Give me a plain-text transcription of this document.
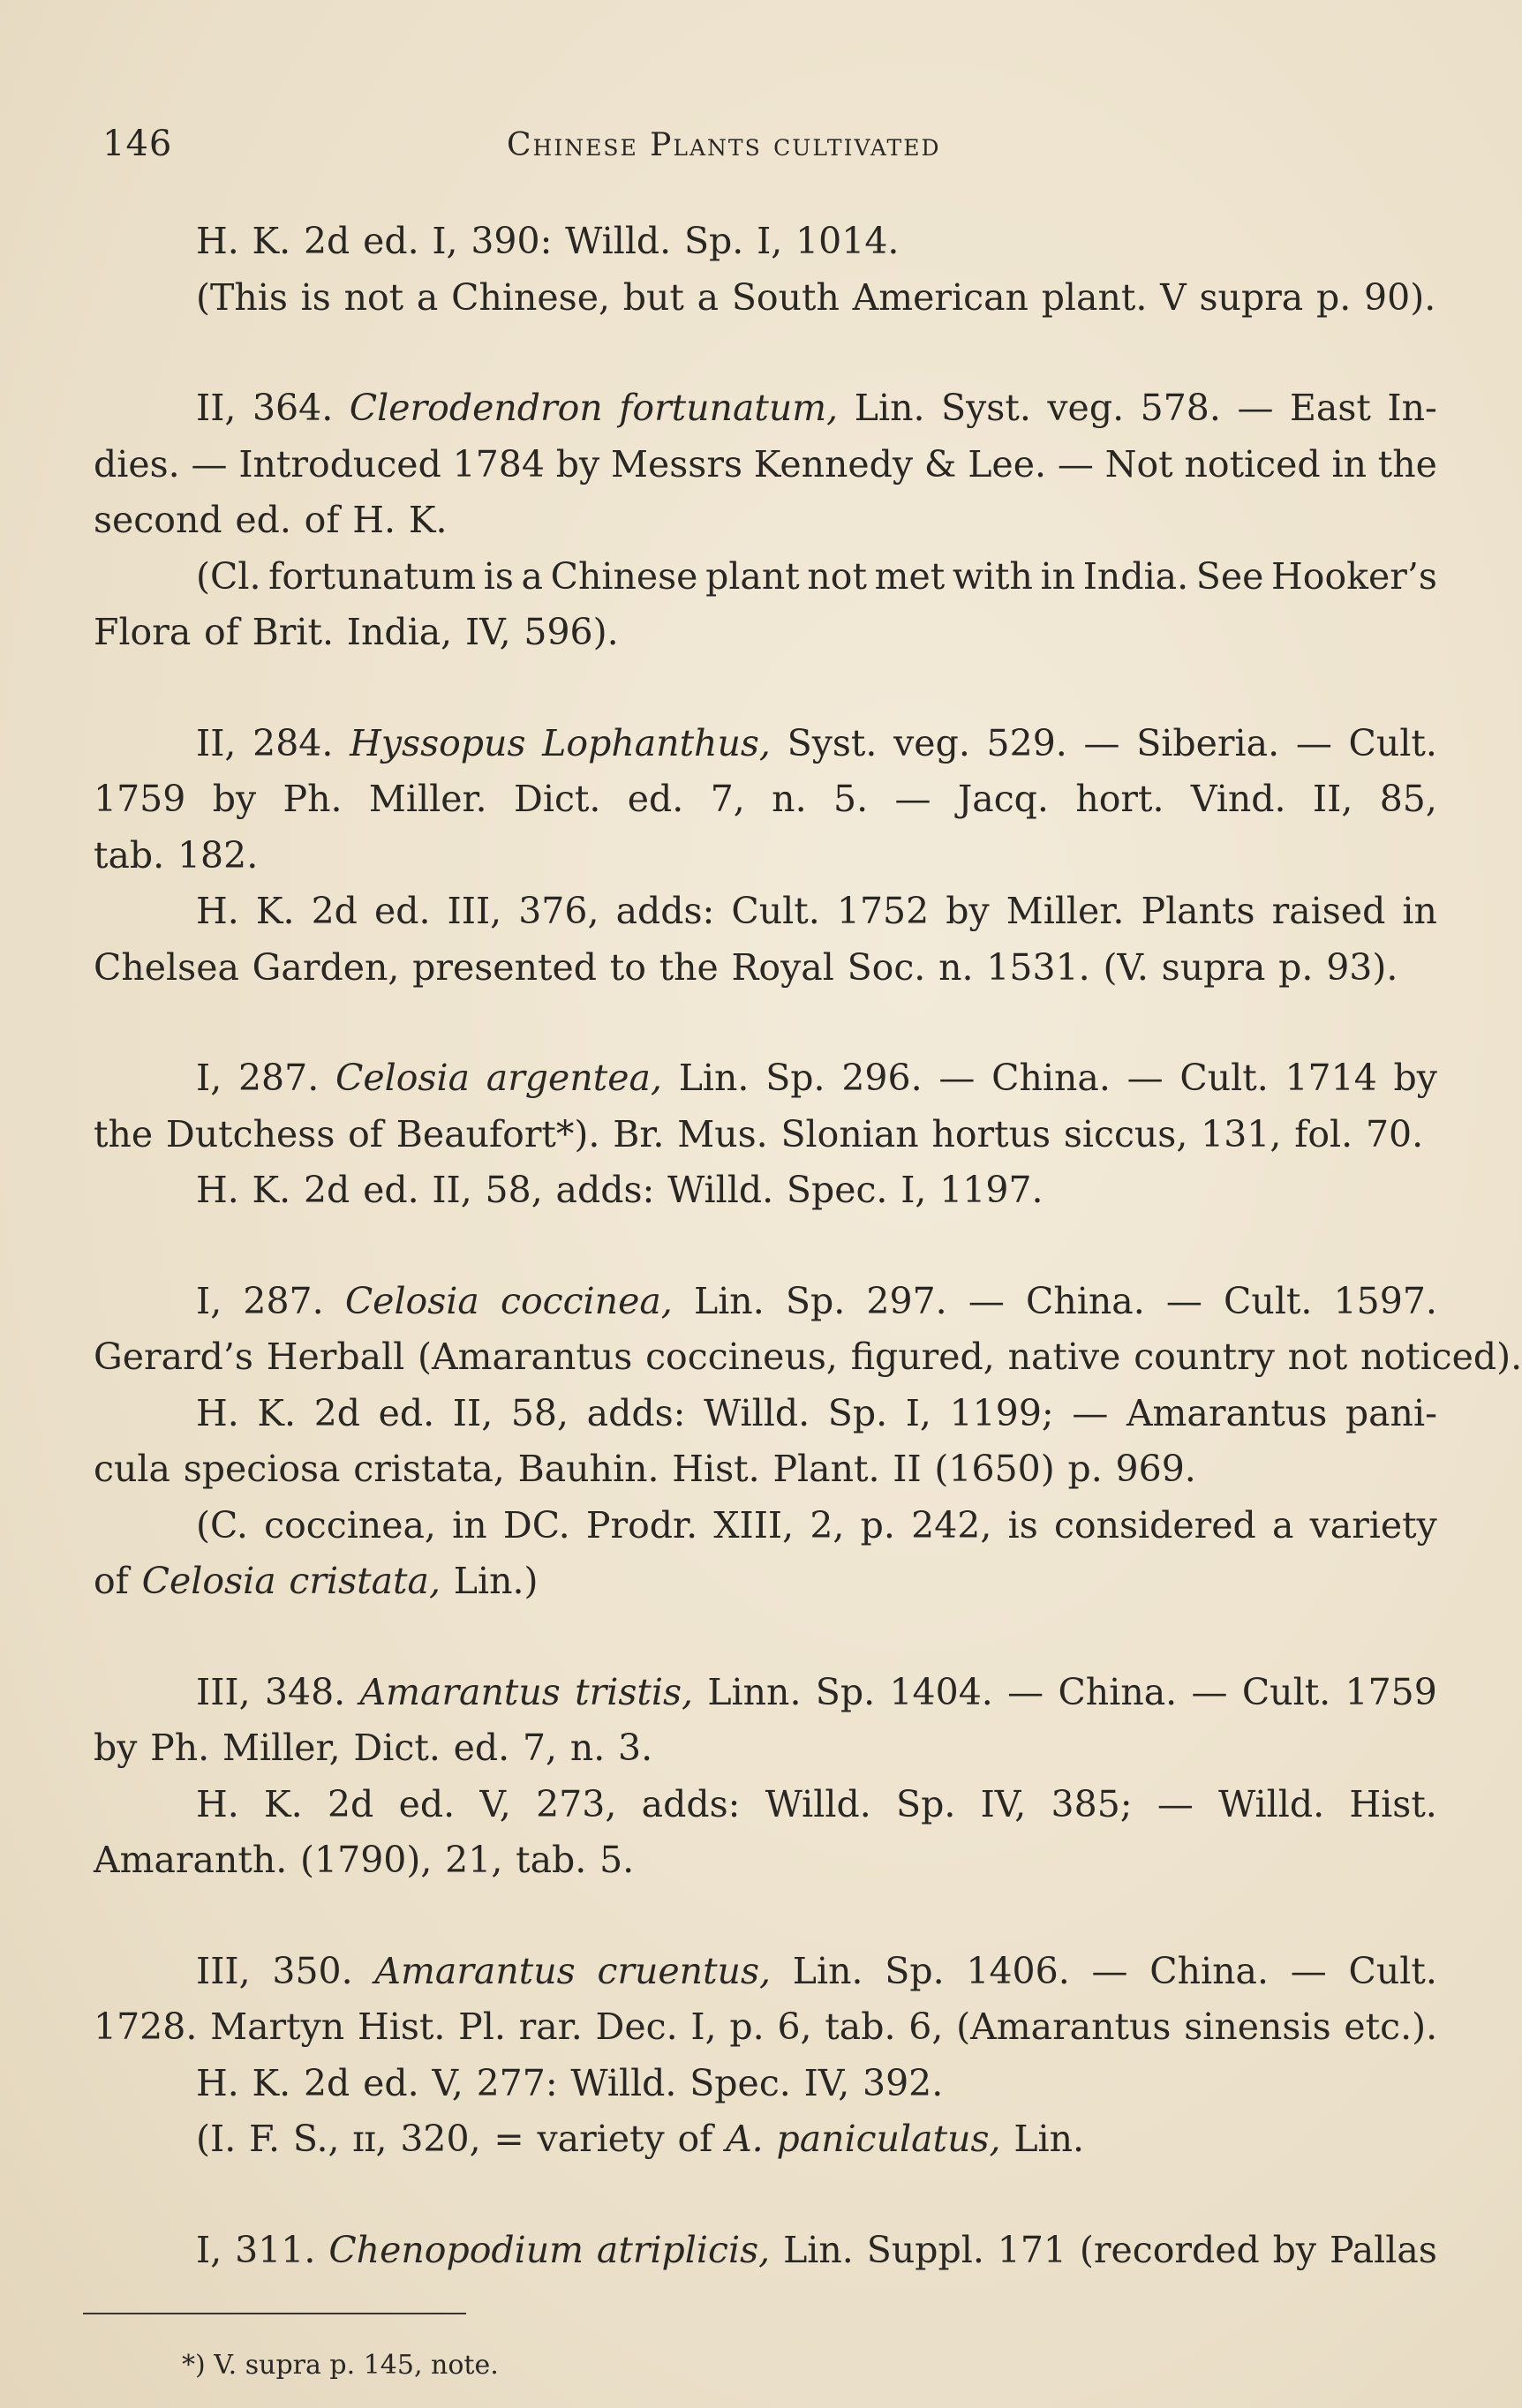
146	Chinese Plants cultivated
H. K. 2d ed. I, 390: Willd. Sp. I, 1014.
(This is not a Chinese, but a South American plant. V supra p. 90).
II, 364. Clerodendron fortunatum, Lin. Syst. veg. 578. — East In-
dies. — Introduced 1784 by Messrs Kennedy & Lee. — Not noticed in the
second ed. of H. K.
(Cl. fortunatum is a Chinese plant not met with in India. See Hooker’s
Flora of Brit. India, IV, 596).
II, 284. Hyssopus Lophanthus, Syst. veg. 529. — Siberia. — Cult.
1759 by Ph. Miller. Dict. ed. 7, n. 5. — Jacq. hort. Vind. II, 85,
tab. 182.
H. K. 2d ed. III, 376, adds: Cult. 1752 by Miller. Plants raised in
Chelsea Garden, presented to the Royal Soc. n. 1531. (V. supra p. 93).
I, 287. Celosia argentea, Lin. Sp. 296. — China. — Cult. 1714 by
the Dutchess of Beaufort*). Br. Mus. Slonian hortus siccus, 131, fol. 70.
H. K. 2d ed. II, 58, adds: Willd. Spec. I, 1197.
I, 287. Celosia coccinea, Lin. Sp. 297. — China. — Cult. 1597.
Gerard’s Herball (Amarantus coccineus, figured, native country not noticed).
H. K. 2d ed. II, 58, adds: Willd. Sp. I, 1199; — Amarantus pani-
cula speciosa cristata, Bauhin. Hist. Plant. II (1650) p. 969.
(C. coccinea, in DC. Prodr. XIII, 2, p. 242, is considered a variety
of Celosia cristata, Lin.)
III, 348. Amarantus tristis, Linn. Sp. 1404. — China. — Cult. 1759
by Ph. Miller, Dict. ed. 7, n. 3.
H. K. 2d ed. V, 273, adds: Willd. Sp. IV, 385; — Willd. Hist.
Amaranth. (1790), 21, tab. 5.
III, 350. Amarantus cruentus, Lin. Sp. 1406. — China. — Cult.
1728. Martyn Hist. Pl. rar. Dec. I, p. 6, tab. 6, (Amarantus sinensis etc.).
H. K. 2d ed. V, 277: Willd. Spec. IV, 392.
(I. F. S., ɪɪ, 320, = variety of A. paniculatus, Lin.
I, 311. Chenopodium atriplicis, Lin. Suppl. 171 (recorded by Pallas
*) V. supra p. 145, note.
